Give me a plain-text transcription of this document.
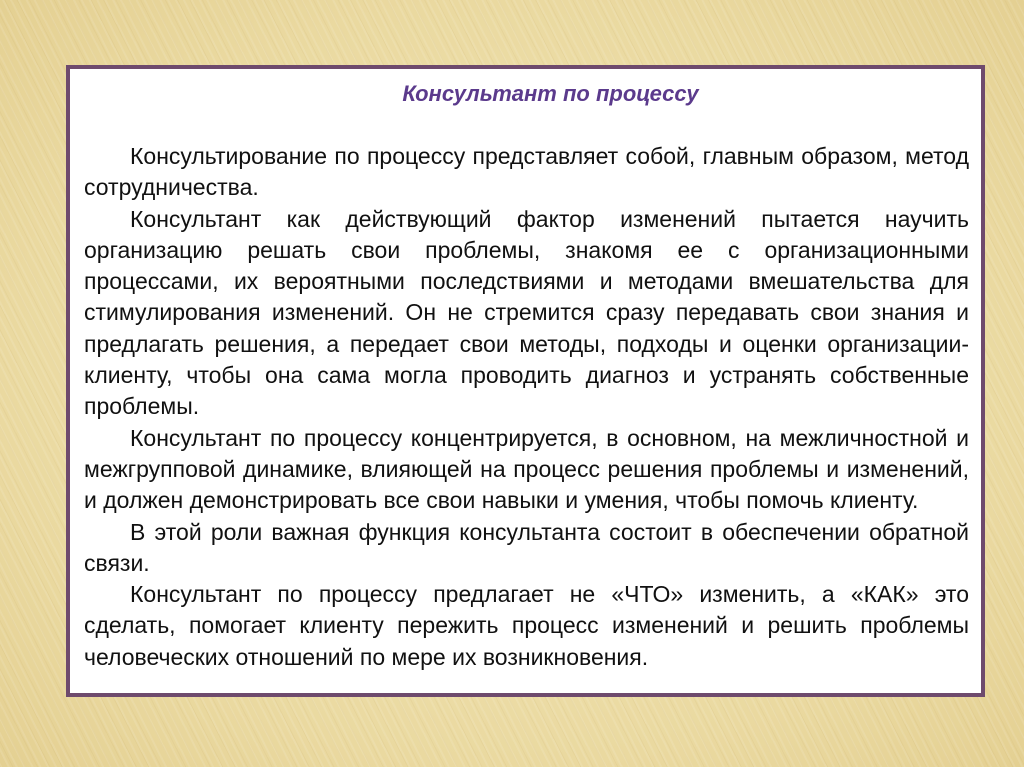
Консультант по процессу

Консультирование по процессу представляет собой, главным образом, метод сотрудничества.

Консультант как действующий фактор изменений пытается научить организацию решать свои проблемы, знакомя ее с организационными процессами, их вероятными последствиями и методами вмешательства для стимулирования изменений. Он не стремится сразу передавать свои знания и предлагать решения, а передает свои методы, подходы и оценки организации-клиенту, чтобы она сама могла проводить диагноз и устранять собственные проблемы.

Консультант по процессу концентрируется, в основном, на межличностной и межгрупповой динамике, влияющей на процесс решения проблемы и изменений, и должен демонстрировать все свои навыки и умения, чтобы помочь клиенту.

В этой роли важная функция консультанта состоит в обеспечении обратной связи.

Консультант по процессу предлагает не «ЧТО» изменить, а «КАК» это сделать, помогает клиенту пережить процесс изменений и решить проблемы человеческих отношений по мере их возникновения.
